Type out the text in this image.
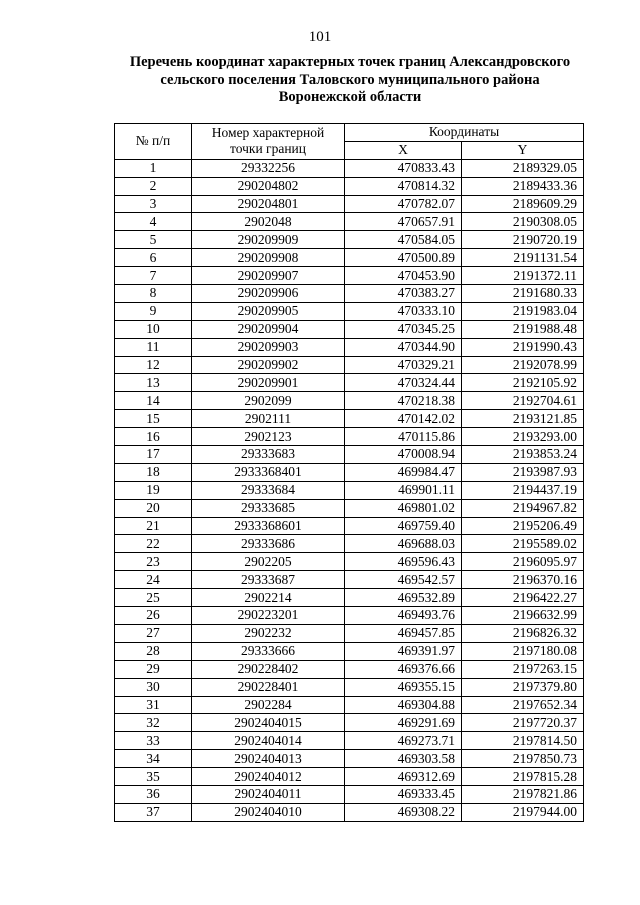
101
Перечень координат характерных точек границ Александровского
сельского поселения Таловского муниципального района
Воронежской области
№ п/п	Номер характерной
точки границ	Координаты	
		X	Y
1	29332256	470833.43	2189329.05
2	290204802	470814.32	2189433.36
3	290204801	470782.07	2189609.29
4	2902048	470657.91	2190308.05
5	290209909	470584.05	2190720.19
6	290209908	470500.89	2191131.54
7	290209907	470453.90	2191372.11
8	290209906	470383.27	2191680.33
9	290209905	470333.10	2191983.04
10	290209904	470345.25	2191988.48
11	290209903	470344.90	2191990.43
12	290209902	470329.21	2192078.99
13	290209901	470324.44	2192105.92
14	2902099	470218.38	2192704.61
15	2902111	470142.02	2193121.85
16	2902123	470115.86	2193293.00
17	29333683	470008.94	2193853.24
18	2933368401	469984.47	2193987.93
19	29333684	469901.11	2194437.19
20	29333685	469801.02	2194967.82
21	2933368601	469759.40	2195206.49
22	29333686	469688.03	2195589.02
23	2902205	469596.43	2196095.97
24	29333687	469542.57	2196370.16
25	2902214	469532.89	2196422.27
26	290223201	469493.76	2196632.99
27	2902232	469457.85	2196826.32
28	29333666	469391.97	2197180.08
29	290228402	469376.66	2197263.15
30	290228401	469355.15	2197379.80
31	2902284	469304.88	2197652.34
32	2902404015	469291.69	2197720.37
33	2902404014	469273.71	2197814.50
34	2902404013	469303.58	2197850.73
35	2902404012	469312.69	2197815.28
36	2902404011	469333.45	2197821.86
37	2902404010	469308.22	2197944.00
